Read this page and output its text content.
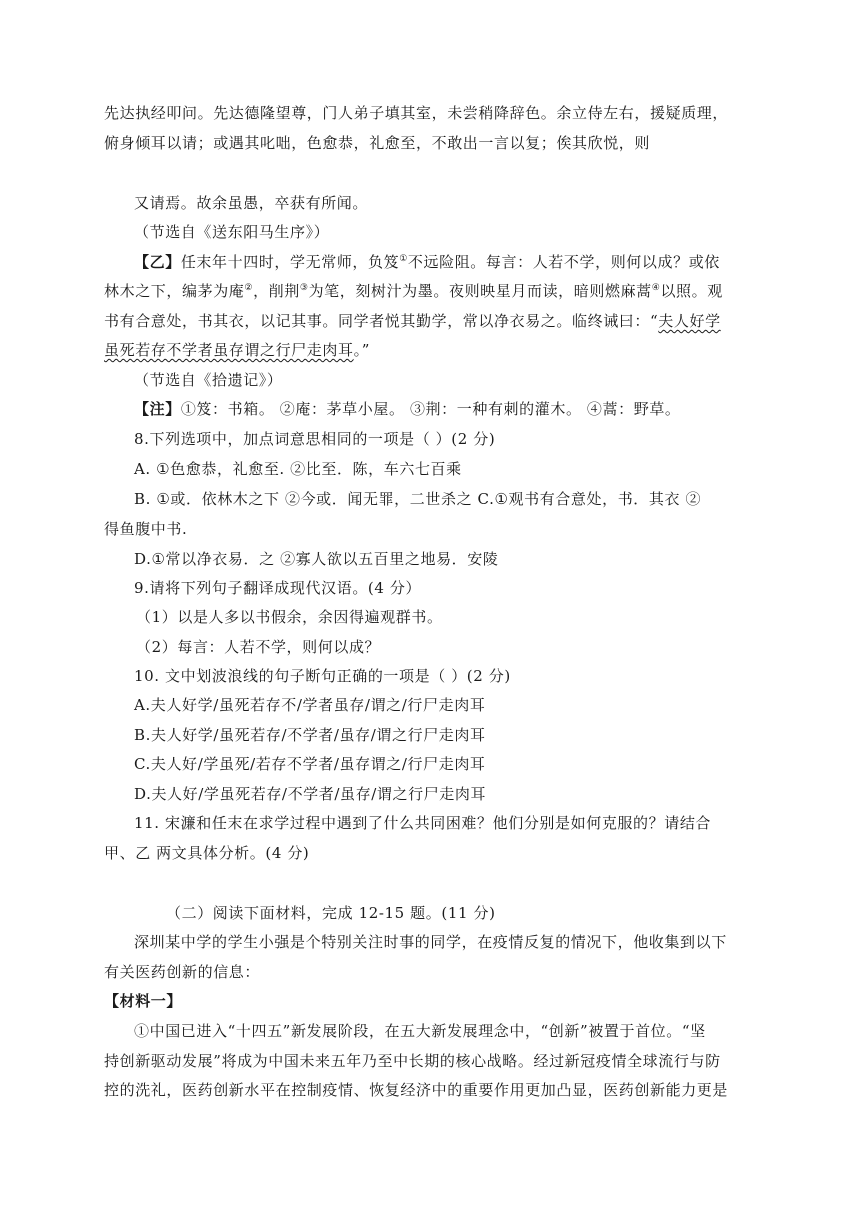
先达执经叩问。先达德隆望尊，门人弟子填其室，未尝稍降辞色。余立侍左右，援疑质理，
俯身倾耳以请；或遇其叱咄，色愈恭，礼愈至，不敢出一言以复；俟其欣悦，则
又请焉。故余虽愚，卒获有所闻。
（节选自《送东阳马生序》）
【乙】任末年十四时，学无常师，负笈①不远险阻。每言：人若不学，则何以成？或依
林木之下，编茅为庵②，削荆③为笔，刻树汁为墨。夜则映星月而读，暗则燃麻蒿④以照。观
书有合意处，书其衣，以记其事。同学者悦其勤学，常以净衣易之。临终诫曰：“夫人好学
虽死若存不学者虽存谓之行尸走肉耳。”
（节选自《拾遗记》）
【注】①笈：书箱。 ②庵：茅草小屋。 ③荆：一种有刺的灌木。 ④蒿：野草。
8.下列选项中，加点词意思相同的一项是（ ）(2 分)
A. ①色愈恭，礼愈至. ②比至．陈，车六七百乘
B. ①或．依林木之下 ②今或．闻无罪，二世杀之 C.①观书有合意处，书．其衣 ②
得鱼腹中书.
D.①常以净衣易．之 ②寡人欲以五百里之地易．安陵
9.请将下列句子翻译成现代汉语。(4 分）
（1）以是人多以书假余，余因得遍观群书。
（2）每言：人若不学，则何以成？
10. 文中划波浪线的句子断句正确的一项是（ ）(2 分)
A.夫人好学/虽死若存不/学者虽存/谓之/行尸走肉耳
B.夫人好学/虽死若存/不学者/虽存/谓之行尸走肉耳
C.夫人好/学虽死/若存不学者/虽存谓之/行尸走肉耳
D.夫人好/学虽死若存/不学者/虽存/谓之行尸走肉耳
11. 宋濂和任末在求学过程中遇到了什么共同困难？他们分别是如何克服的？请结合
甲、乙 两文具体分析。(4 分)
（二）阅读下面材料，完成 12-15 题。(11 分)
深圳某中学的学生小强是个特别关注时事的同学，在疫情反复的情况下，他收集到以下
有关医药创新的信息：
【材料一】
①中国已进入“十四五”新发展阶段，在五大新发展理念中，“创新”被置于首位。“坚
持创新驱动发展”将成为中国未来五年乃至中长期的核心战略。经过新冠疫情全球流行与防
控的洗礼，医药创新水平在控制疫情、恢复经济中的重要作用更加凸显，医药创新能力更是
